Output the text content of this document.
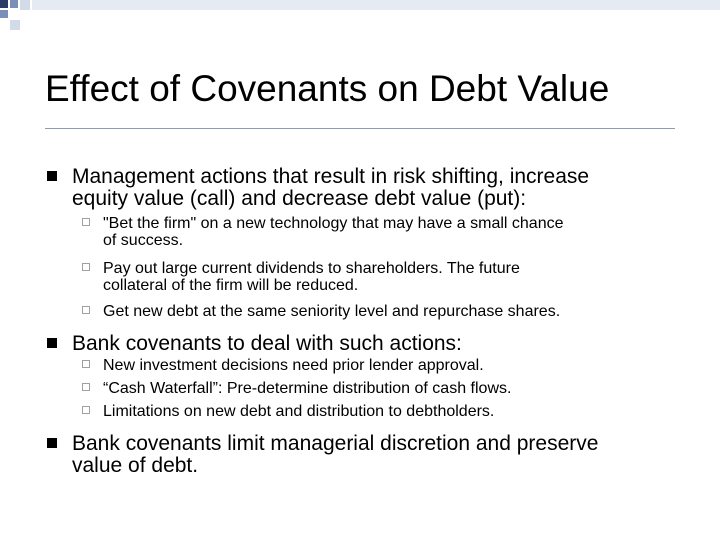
Effect of Covenants on Debt Value
Management actions that result in risk shifting, increase
equity value (call) and decrease debt value (put):
"Bet the firm" on a new technology that may have a small chance
of success.
Pay out large current dividends to shareholders. The future
collateral of the firm will be reduced.
Get new debt at the same seniority level and repurchase shares.
Bank covenants to deal with such actions:
New investment decisions need prior lender approval.
“Cash Waterfall”: Pre-determine distribution of cash flows.
Limitations on new debt and distribution to debtholders.
Bank covenants limit managerial discretion and preserve
value of debt.
